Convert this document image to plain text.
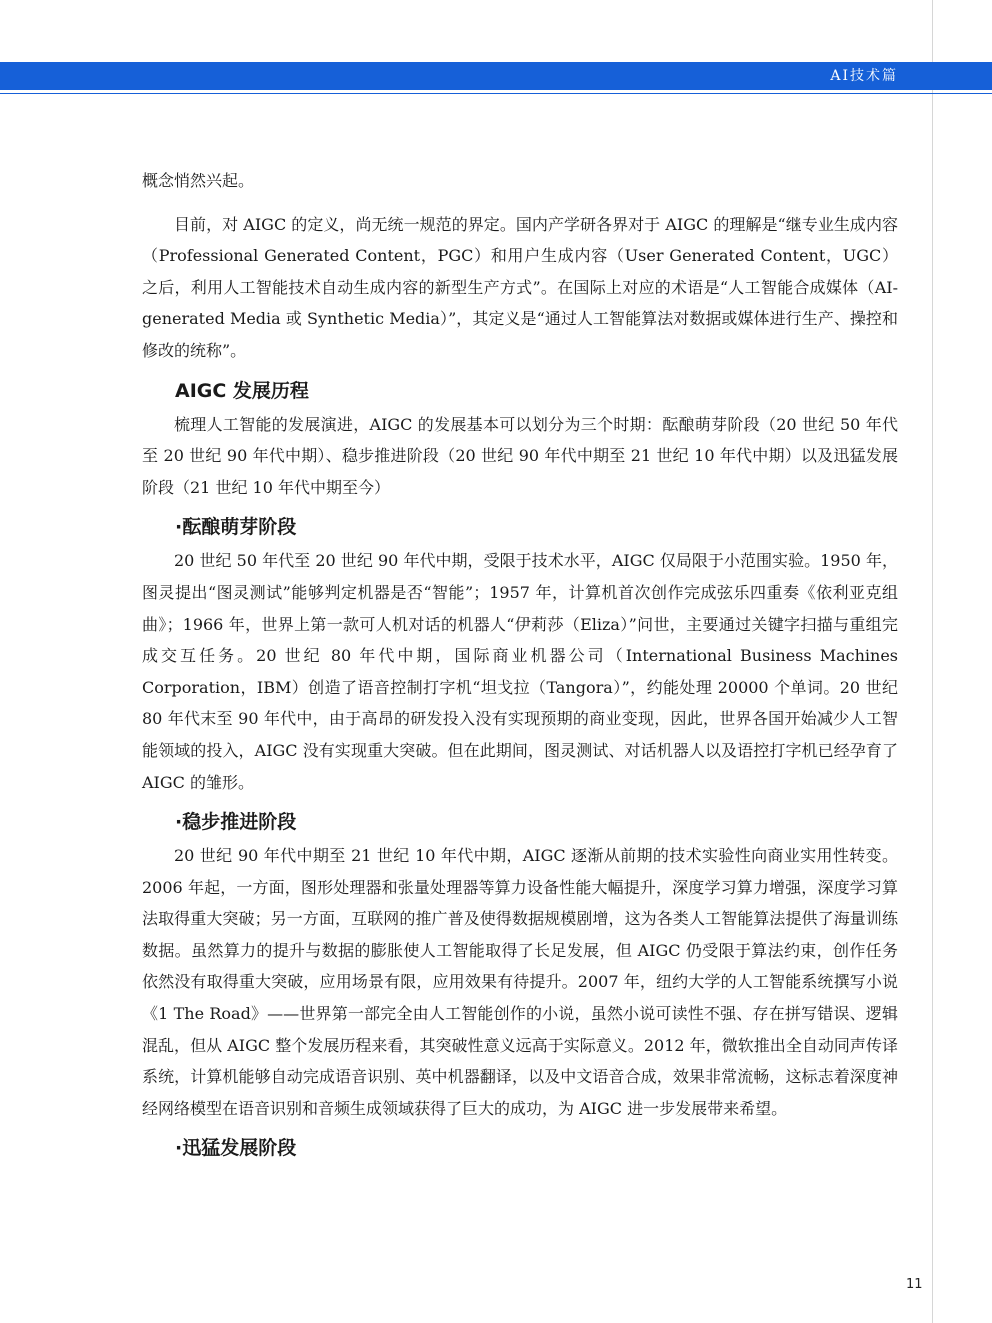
AI技术篇

概念悄然兴起。

目前，对 AIGC 的定义，尚无统一规范的界定。国内产学研各界对于 AIGC 的理解是“继专业生成内容（Professional Generated Content，PGC）和用户生成内容（User Generated Content，UGC）之后，利用人工智能技术自动生成内容的新型生产方式”。在国际上对应的术语是“人工智能合成媒体（AI-generated Media 或 Synthetic Media）”，其定义是“通过人工智能算法对数据或媒体进行生产、操控和修改的统称”。

AIGC 发展历程

梳理人工智能的发展演进，AIGC 的发展基本可以划分为三个时期：酝酿萌芽阶段（20 世纪 50 年代至 20 世纪 90 年代中期）、稳步推进阶段（20 世纪 90 年代中期至 21 世纪 10 年代中期）以及迅猛发展阶段（21 世纪 10 年代中期至今）

·酝酿萌芽阶段

20 世纪 50 年代至 20 世纪 90 年代中期，受限于技术水平，AIGC 仅局限于小范围实验。1950 年，图灵提出“图灵测试”能够判定机器是否“智能”；1957 年，计算机首次创作完成弦乐四重奏《依利亚克组曲》；1966 年，世界上第一款可人机对话的机器人“伊莉莎（Eliza）”问世，主要通过关键字扫描与重组完成交互任务。20 世纪 80 年代中期，国际商业机器公司（International Business Machines Corporation，IBM）创造了语音控制打字机“坦戈拉（Tangora）”，约能处理 20000 个单词。20 世纪 80 年代末至 90 年代中，由于高昂的研发投入没有实现预期的商业变现，因此，世界各国开始减少人工智能领域的投入，AIGC 没有实现重大突破。但在此期间，图灵测试、对话机器人以及语控打字机已经孕育了 AIGC 的雏形。

·稳步推进阶段

20 世纪 90 年代中期至 21 世纪 10 年代中期，AIGC 逐渐从前期的技术实验性向商业实用性转变。2006 年起，一方面，图形处理器和张量处理器等算力设备性能大幅提升，深度学习算力增强，深度学习算法取得重大突破；另一方面，互联网的推广普及使得数据规模剧增，这为各类人工智能算法提供了海量训练数据。虽然算力的提升与数据的膨胀使人工智能取得了长足发展，但 AIGC 仍受限于算法约束，创作任务依然没有取得重大突破，应用场景有限，应用效果有待提升。2007 年，纽约大学的人工智能系统撰写小说《1 The Road》——世界第一部完全由人工智能创作的小说，虽然小说可读性不强、存在拼写错误、逻辑混乱，但从 AIGC 整个发展历程来看，其突破性意义远高于实际意义。2012 年，微软推出全自动同声传译系统，计算机能够自动完成语音识别、英中机器翻译，以及中文语音合成，效果非常流畅，这标志着深度神经网络模型在语音识别和音频生成领域获得了巨大的成功，为 AIGC 进一步发展带来希望。

·迅猛发展阶段
11
